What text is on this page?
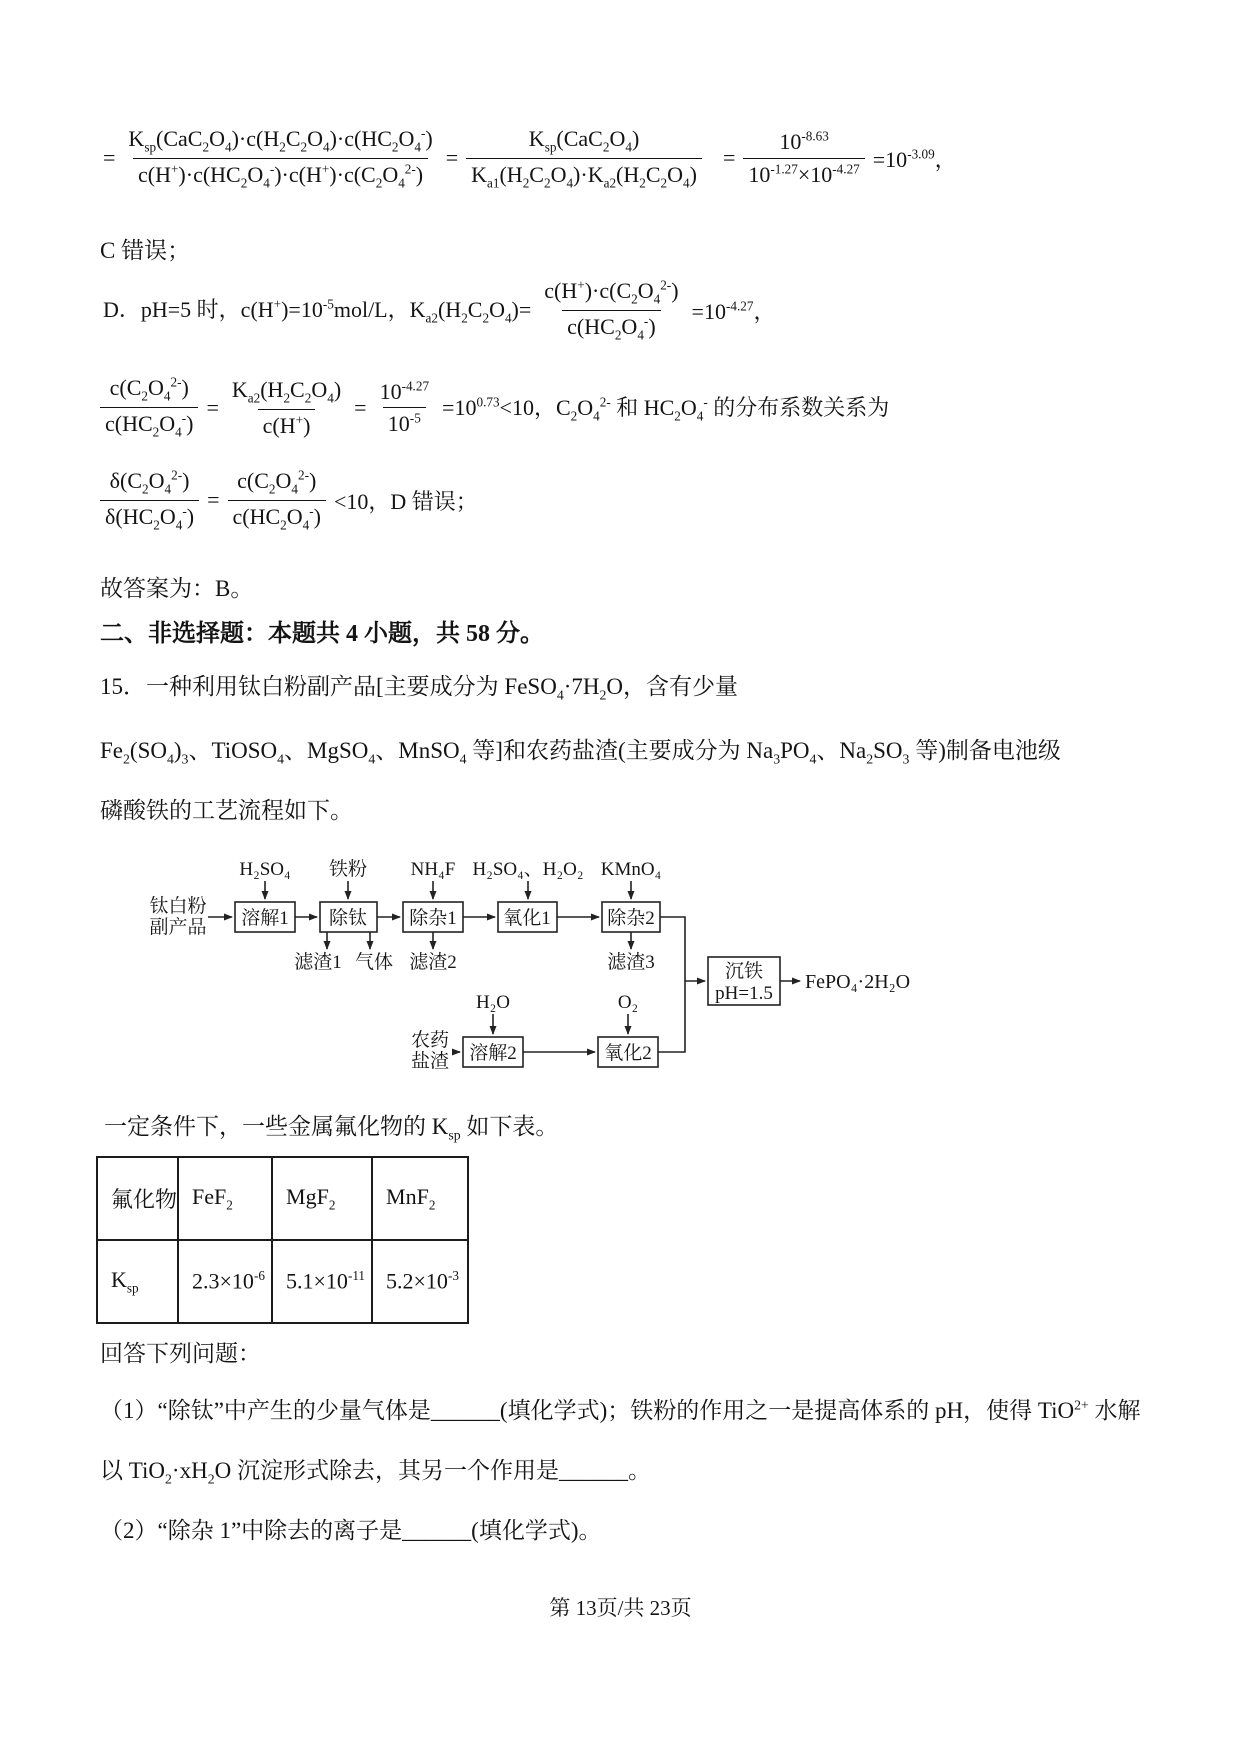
= $\frac{K_{sp}(CaC_2O_4)\cdot c(H_2C_2O_4)\cdot c(HC_2O_4^-)}{c(H^+)\cdot c(HC_2O_4^-)\cdot c(H^+)\cdot c(C_2O_4^{2-})} = \frac{K_{sp}(CaC_2O_4)}{K_{a1}(H_2C_2O_4)\cdot K_{a2}(H_2C_2O_4)} = \frac{10^{-8.63}}{10^{-1.27}\times 10^{-4.27}} =10^{-3.09}$，
C 错误；
D．pH=5 时，$c(H^+)=10^{-5}mol/L$，$K_{a2}(H_2C_2O_4)= \frac{c(H^+)\cdot c(C_2O_4^{2-})}{c(HC_2O_4^-)} =10^{-4.27}$，
$\frac{c(C_2O_4^{2-})}{c(HC_2O_4^-)} = \frac{K_{a2}(H_2C_2O_4)}{c(H^+)} = \frac{10^{-4.27}}{10^{-5}} =10^{0.73}<10$，$C_2O_4^{2-}$ 和 $HC_2O_4^-$ 的分布系数关系为
$\frac{\delta(C_2O_4^{2-})}{\delta(HC_2O_4^-)} = \frac{c(C_2O_4^{2-})}{c(HC_2O_4^-)} <10$，D 错误；
故答案为：B。
二、非选择题：本题共 4 小题，共 58 分。
15．一种利用钛白粉副产品[主要成分为 $FeSO_4\cdot 7H_2O$，含有少量
$Fe_2(SO_4)_3$、TiOSO$_4$、MgSO$_4$、MnSO$_4$ 等]和农药盐渣(主要成分为 $Na_3PO_4$、$Na_2SO_3$ 等)制备电池级
磷酸铁的工艺流程如下。
钛白粉
副产品
H₂SO₄ 铁粉 NH₄F H₂SO₄、H₂O₂ KMnO₄
溶解1 除钛 除杂1 氧化1	除杂2
滤渣1 气体 滤渣2	滤渣3
农药
盐渣
H₂O	O₂
溶解2	氧化2
沉铁
pH=1.5
FePO₄·2H₂O
一定条件下，一些金属氟化物的 $K_{sp}$ 如下表。
氟化物	FeF$_2$	MgF$_2$	MnF$_2$
$K_{sp}$	$2.3\times 10^{-6}$	$5.1\times 10^{-11}$	$5.2\times 10^{-3}$
回答下列问题：
（1）“除钛”中产生的少量气体是______(填化学式)；铁粉的作用之一是提高体系的 pH，使得 TiO$^{2+}$ 水解
以 $TiO_2\cdot xH_2O$ 沉淀形式除去，其另一个作用是______。
（2）“除杂 1”中除去的离子是______(填化学式)。
第 13页/共 23页
